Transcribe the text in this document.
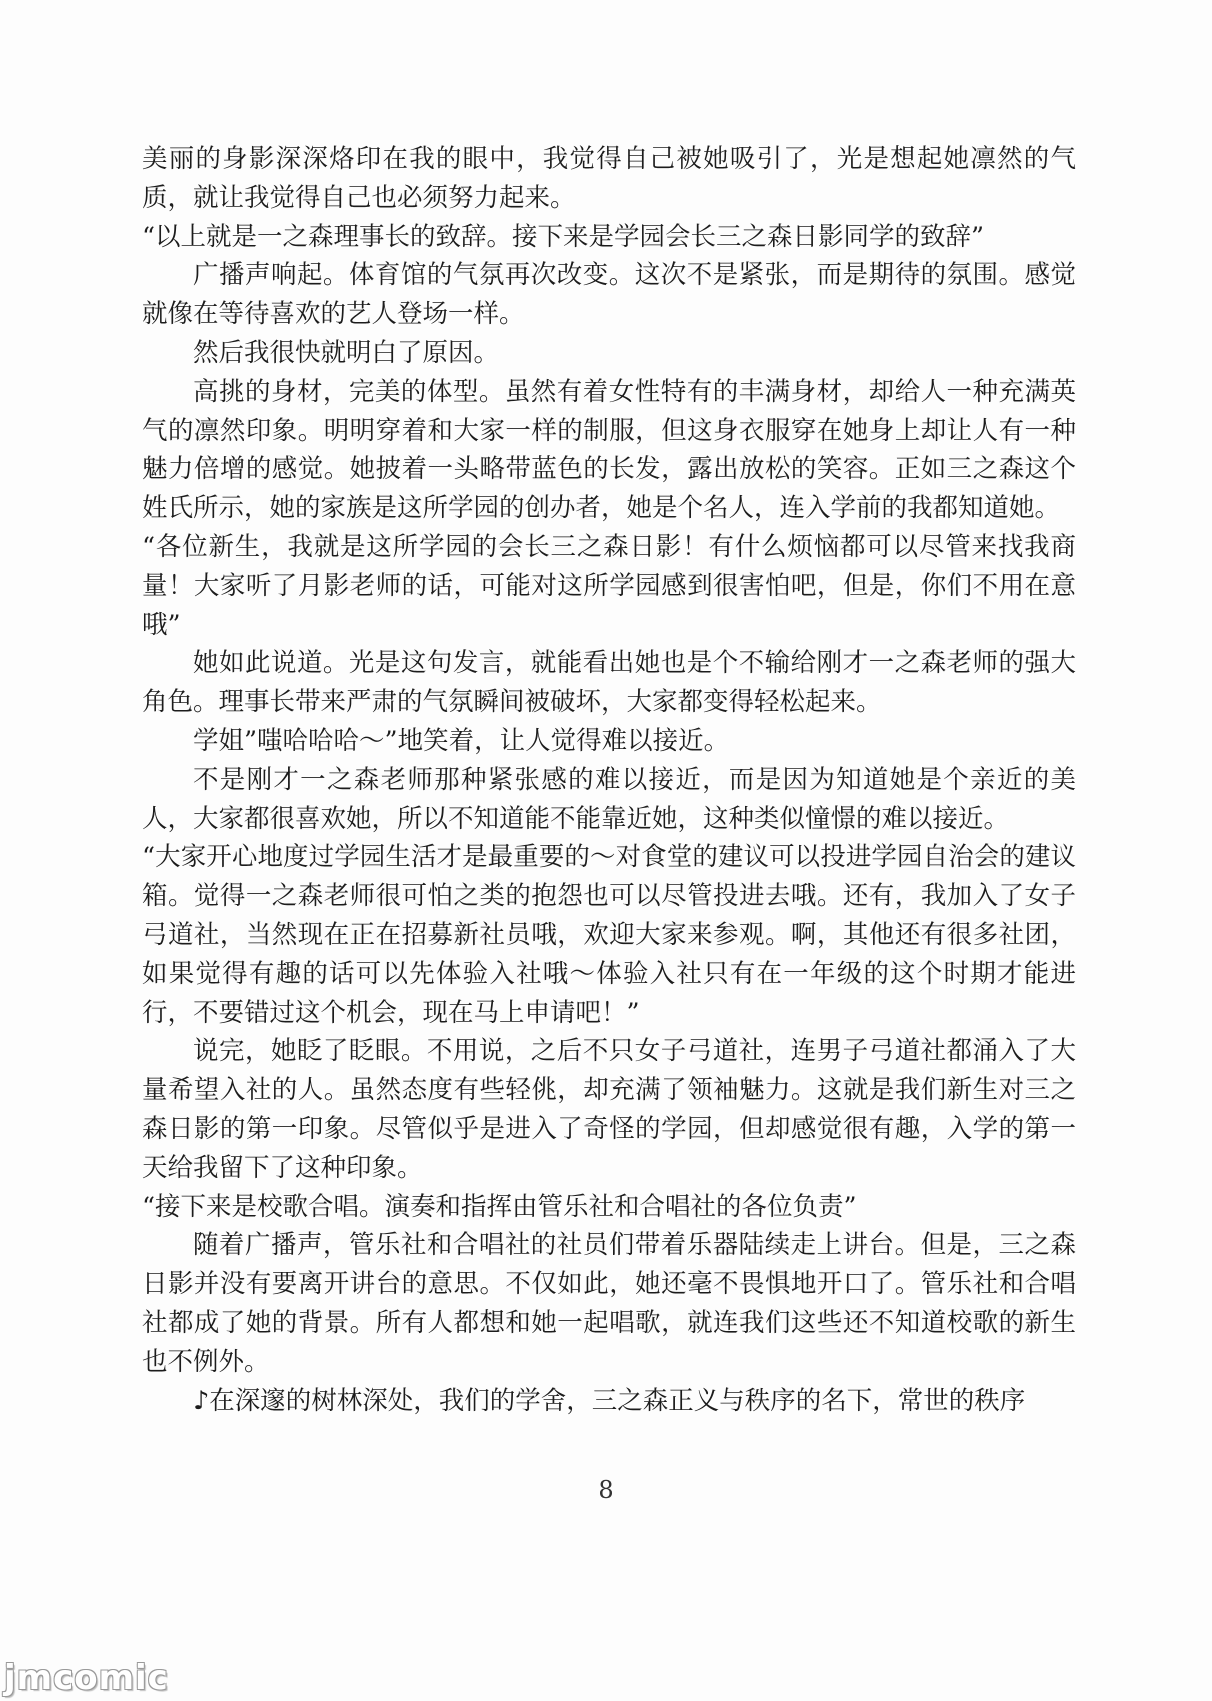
美丽的身影深深烙印在我的眼中，我觉得自己被她吸引了，光是想起她凛然的气质，就让我觉得自己也必须努力起来。

“以上就是一之森理事长的致辞。接下来是学园会长三之森日影同学的致辞”

广播声响起。体育馆的气氛再次改变。这次不是紧张，而是期待的氛围。感觉就像在等待喜欢的艺人登场一样。

然后我很快就明白了原因。

高挑的身材，完美的体型。虽然有着女性特有的丰满身材，却给人一种充满英气的凛然印象。明明穿着和大家一样的制服，但这身衣服穿在她身上却让人有一种魅力倍增的感觉。她披着一头略带蓝色的长发，露出放松的笑容。正如三之森这个姓氏所示，她的家族是这所学园的创办者，她是个名人，连入学前的我都知道她。

“各位新生，我就是这所学园的会长三之森日影！有什么烦恼都可以尽管来找我商量！大家听了月影老师的话，可能对这所学园感到很害怕吧，但是，你们不用在意哦”

她如此说道。光是这句发言，就能看出她也是个不输给刚才一之森老师的强大角色。理事长带来严肃的气氛瞬间被破坏，大家都变得轻松起来。

学姐”嗤哈哈哈～”地笑着，让人觉得难以接近。

不是刚才一之森老师那种紧张感的难以接近，而是因为知道她是个亲近的美人，大家都很喜欢她，所以不知道能不能靠近她，这种类似憧憬的难以接近。

“大家开心地度过学园生活才是最重要的～对食堂的建议可以投进学园自治会的建议箱。觉得一之森老师很可怕之类的抱怨也可以尽管投进去哦。还有，我加入了女子弓道社，当然现在正在招募新社员哦，欢迎大家来参观。啊，其他还有很多社团，如果觉得有趣的话可以先体验入社哦～体验入社只有在一年级的这个时期才能进行，不要错过这个机会，现在马上申请吧！”

说完，她眨了眨眼。不用说，之后不只女子弓道社，连男子弓道社都涌入了大量希望入社的人。虽然态度有些轻佻，却充满了领袖魅力。这就是我们新生对三之森日影的第一印象。尽管似乎是进入了奇怪的学园，但却感觉很有趣，入学的第一天给我留下了这种印象。

“接下来是校歌合唱。演奏和指挥由管乐社和合唱社的各位负责”

随着广播声，管乐社和合唱社的社员们带着乐器陆续走上讲台。但是，三之森日影并没有要离开讲台的意思。不仅如此，她还毫不畏惧地开口了。管乐社和合唱社都成了她的背景。所有人都想和她一起唱歌，就连我们这些还不知道校歌的新生也不例外。

♪在深邃的树林深处，我们的学舍，三之森正义与秩序的名下，常世的秩序

8
jmcomic
